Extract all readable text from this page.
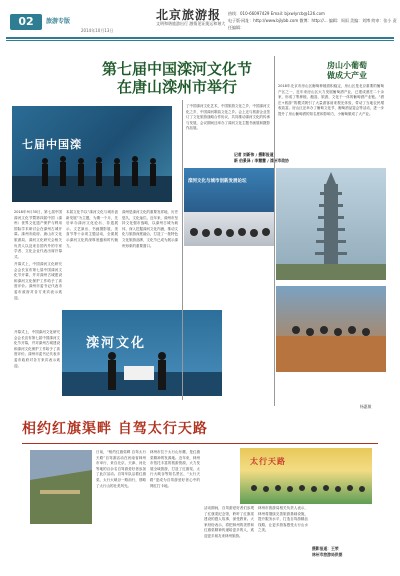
02	旅游专版	北京旅游报
文明和谐旅游出行 激情见证奥运和谐大
2014年10月13日
热线：010-66097429 Email: bjxwlyrcb@126.com
电子版·网址：http://www.bjlybb.com 微博：http://... 编辑：周雨 美编：刘博 终审：张小 责任编辑：
第七届中国滦河文化节
在唐山滦州市举行
七届中国滦
滦河文化与城市创新发展论坛
记者 刘新伟 / 摄影报道
新 伯景泽 / 李慧慧 / 滦州市政协
2018年9月30日，第七届中国滦河文化节暨第四届中国（滦州）世界文化遗产保护与利用国际学术研讨会在滦州古城开幕。滦州市政府、唐山市文化旅游局、滦河文化研究会相关负责人以及来自国内外的专家学者、文化企业代表出席开幕式。
开幕式上，中国滦河文化研究会会长宣布第七届中国滦河文化节开幕，并对滦州古城建设和滦河文化保护工作给予了高度评价。滦州市委书记代表市委市政府对各方来宾表示欢迎。
本届文化节以“滦河文化与城市创新发展”为主题，为期一个月，先后举办滦河文化论坛、非遗展示、文艺演出、书画摄影展、美食节等十余项主题活动，全面展示滦河文化的深厚底蕴和时代魅力。
滦州是滦河文化的重要发祥地，历史悠久，文化灿烂。近年来，滦州市坚持文化强市战略，以滦州古城为载体，深入挖掘滦河文化内涵，推动文化与旅游深度融合，打造了一批特色文化旅游品牌，文化节已成为展示滦州形象的重要窗口。
了中国滦河文化艺术，中国旅游文化之乡，中国滦河文化之乡，中国滦河歌曲文化之乡。会上还与旅游企业签订了文化旅游战略合作协议，共同推动滦河文化的传承与发展，会议期间还举办了滦河文化主题书画展和摄影作品展。
开幕式上，中国滦河文化研究会会长宣布第七届中国滦河文化节开幕，并对滦州古城建设和滦河文化保护工作给予了高度评价。滦州市委书记代表市委市政府对各方来宾表示欢迎。
滦河文化
房山小葡萄
做成大产业
2018年北京市房山区葡萄种植面积稳定，房山区是北京重要的葡萄产区之一，近年来房山区大力发展葡萄酒产业，已建成酒庄二十余家，形成了集种植、酿造、旅游、文化于一体的葡萄酒产业链。“酒庄+旅游”的模式吸引了大量游客前来观光体验，带动了当地农民增收致富。房山区还举办了葡萄文化节、葡萄酒品鉴会等活动，进一步提升了房山葡萄酒的知名度和影响力，小葡萄做成了大产业。
杨惠敏
相约红旗渠畔 自驾太行天路
日前，“相约红旗渠畔 自驾太行天路”自驾游活动在河南省林州市举行，来自北京、天津、河北等地的百余名自驾游爱好者参加了此次活动。自驾车队沿着红旗渠、太行大峡谷一路前行，领略了太行山的壮美风光。
林州市位于太行山东麓，是红旗渠精神的发源地。近年来，林州市依托丰富的旅游资源，大力发展全域旅游，打造了红旗渠、太行大峡谷等知名景区，“太行天路”更成为自驾游爱好者心中的网红打卡地。
活动期间，自驾游爱好者们参观了红旗渠纪念馆，聆听了红旗渠建设的感人故事，深受教育。大家纷纷表示，将把林州的美景和红旗渠精神传递给更多的人，欢迎更多朋友来林州旅游。
林州市旅游局相关负责人表示，林州将继续完善旅游基础设施，提升服务水平，打造自驾游精品线路，让更多游客感受太行山水之美。
太行天路
摄影报道：王荣
林州市旅游局供图
